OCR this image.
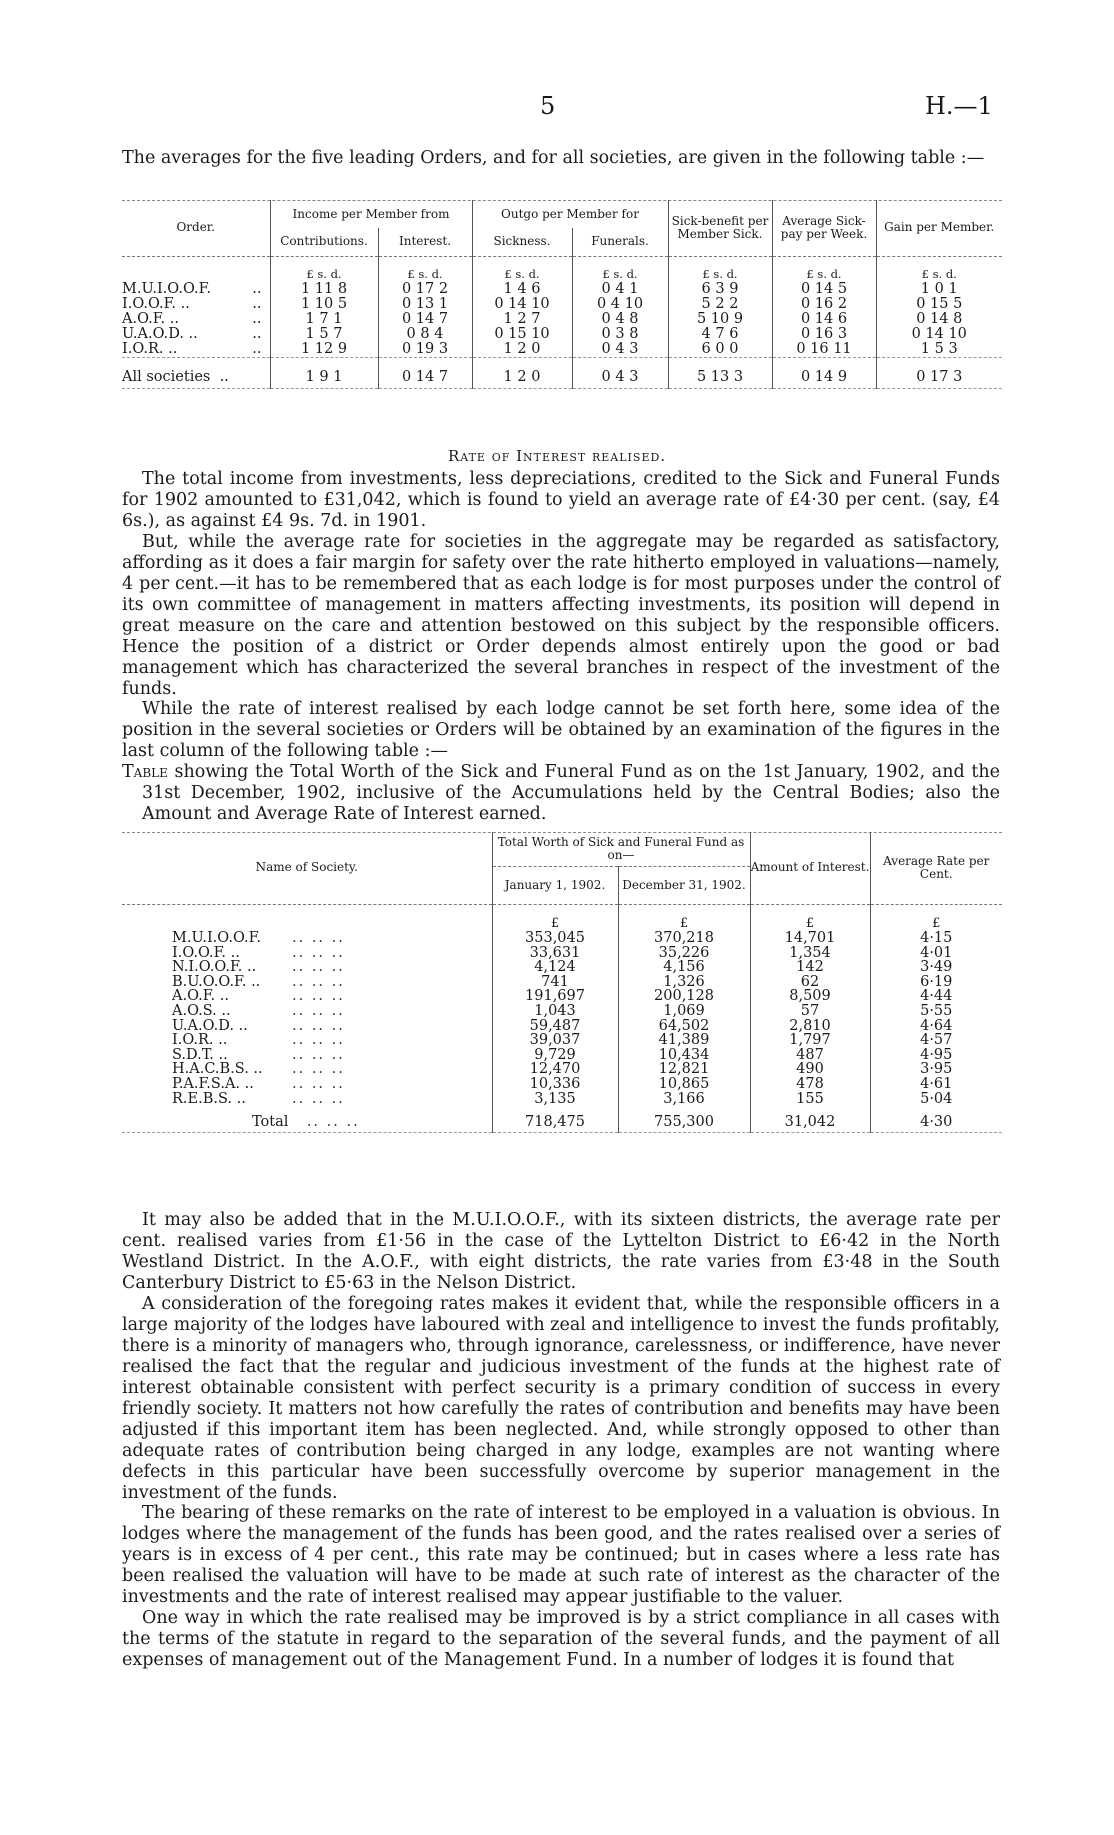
5	H.—1

The averages for the five leading Orders, and for all societies, are given in the following table :—

Order.	Income per Member from		Outgo per Member for		Sick-benefit per Member Sick.	Average Sick-pay per Week.	Gain per Member.
	Contributions.	Interest.	Sickness.	Funerals.			
	£ s. d.	£ s. d.	£ s. d.	£ s. d.	£ s. d.	£ s. d.	£ s. d.
M.U.I.O.O.F. ..	1 11 8	0 17 2	1 4 6	0 4 1	6 3 9	0 14 5	1 0 1
I.O.O.F. .. ..	1 10 5	0 13 1	0 14 10	0 4 10	5 2 2	0 16 2	0 15 5
A.O.F. .. ..	1 7 1	0 14 7	1 2 7	0 4 8	5 10 9	0 14 6	0 14 8
U.A.O.D. .. ..	1 5 7	0 8 4	0 15 10	0 3 8	4 7 6	0 16 3	0 14 10
I.O.R. .. ..	1 12 9	0 19 3	1 2 0	0 4 3	6 0 0	0 16 11	1 5 3
All societies ..	1 9 1	0 14 7	1 2 0	0 4 3	5 13 3	0 14 9	0 17 3
Rate of Interest realised.

The total income from investments, less depreciations, credited to the Sick and Funeral Funds for 1902 amounted to £31,042, which is found to yield an average rate of £4·30 per cent. (say, £4 6s.), as against £4 9s. 7d. in 1901.

But, while the average rate for societies in the aggregate may be regarded as satisfactory, affording as it does a fair margin for safety over the rate hitherto employed in valuations—namely, 4 per cent.—it has to be remembered that as each lodge is for most purposes under the control of its own committee of management in matters affecting investments, its position will depend in great measure on the care and attention bestowed on this subject by the responsible officers. Hence the position of a district or Order depends almost entirely upon the good or bad management which has characterized the several branches in respect of the investment of the funds.

While the rate of interest realised by each lodge cannot be set forth here, some idea of the position in the several societies or Orders will be obtained by an examination of the figures in the last column of the following table :—

Table showing the Total Worth of the Sick and Funeral Fund as on the 1st January, 1902, and the 31st December, 1902, inclusive of the Accumulations held by the Central Bodies; also the Amount and Average Rate of Interest earned.

Name of Society.	Total Worth of Sick and Funeral Fund as on—		Amount of Interest.	Average Rate per Cent.
	January 1, 1902.	December 31, 1902.		
	£	£	£	£
M.U.I.O.O.F. .. .. ..	353,045	370,218	14,701	4·15
I.O.O.F. .. .. .. ..	33,631	35,226	1,354	4·01
N.I.O.O.F. .. .. .. ..	4,124	4,156	142	3·49
B.U.O.O.F. .. .. .. ..	741	1,326	62	6·19
A.O.F. .. .. .. ..	191,697	200,128	8,509	4·44
A.O.S. .. .. .. ..	1,043	1,069	57	5·55
U.A.O.D. .. .. .. ..	59,487	64,502	2,810	4·64
I.O.R. .. .. .. ..	39,037	41,389	1,797	4·57
S.D.T. .. .. .. ..	9,729	10,434	487	4·95
H.A.C.B.S. .. .. .. ..	12,470	12,821	490	3·95
P.A.F.S.A. .. .. .. ..	10,336	10,865	478	4·61
R.E.B.S. .. .. .. ..	3,135	3,166	155	5·04
Total .. .. ..	718,475	755,300	31,042	4·30

It may also be added that in the M.U.I.O.O.F., with its sixteen districts, the average rate per cent. realised varies from £1·56 in the case of the Lyttelton District to £6·42 in the North Westland District. In the A.O.F., with eight districts, the rate varies from £3·48 in the South Canterbury District to £5·63 in the Nelson District.

A consideration of the foregoing rates makes it evident that, while the responsible officers in a large majority of the lodges have laboured with zeal and intelligence to invest the funds profitably, there is a minority of managers who, through ignorance, carelessness, or indifference, have never realised the fact that the regular and judicious investment of the funds at the highest rate of interest obtainable consistent with perfect security is a primary condition of success in every friendly society. It matters not how carefully the rates of contribution and benefits may have been adjusted if this important item has been neglected. And, while strongly opposed to other than adequate rates of contribution being charged in any lodge, examples are not wanting where defects in this particular have been successfully overcome by superior management in the investment of the funds.

The bearing of these remarks on the rate of interest to be employed in a valuation is obvious. In lodges where the management of the funds has been good, and the rates realised over a series of years is in excess of 4 per cent., this rate may be continued; but in cases where a less rate has been realised the valuation will have to be made at such rate of interest as the character of the investments and the rate of interest realised may appear justifiable to the valuer.

One way in which the rate realised may be improved is by a strict compliance in all cases with the terms of the statute in regard to the separation of the several funds, and the payment of all expenses of management out of the Management Fund. In a number of lodges it is found that
